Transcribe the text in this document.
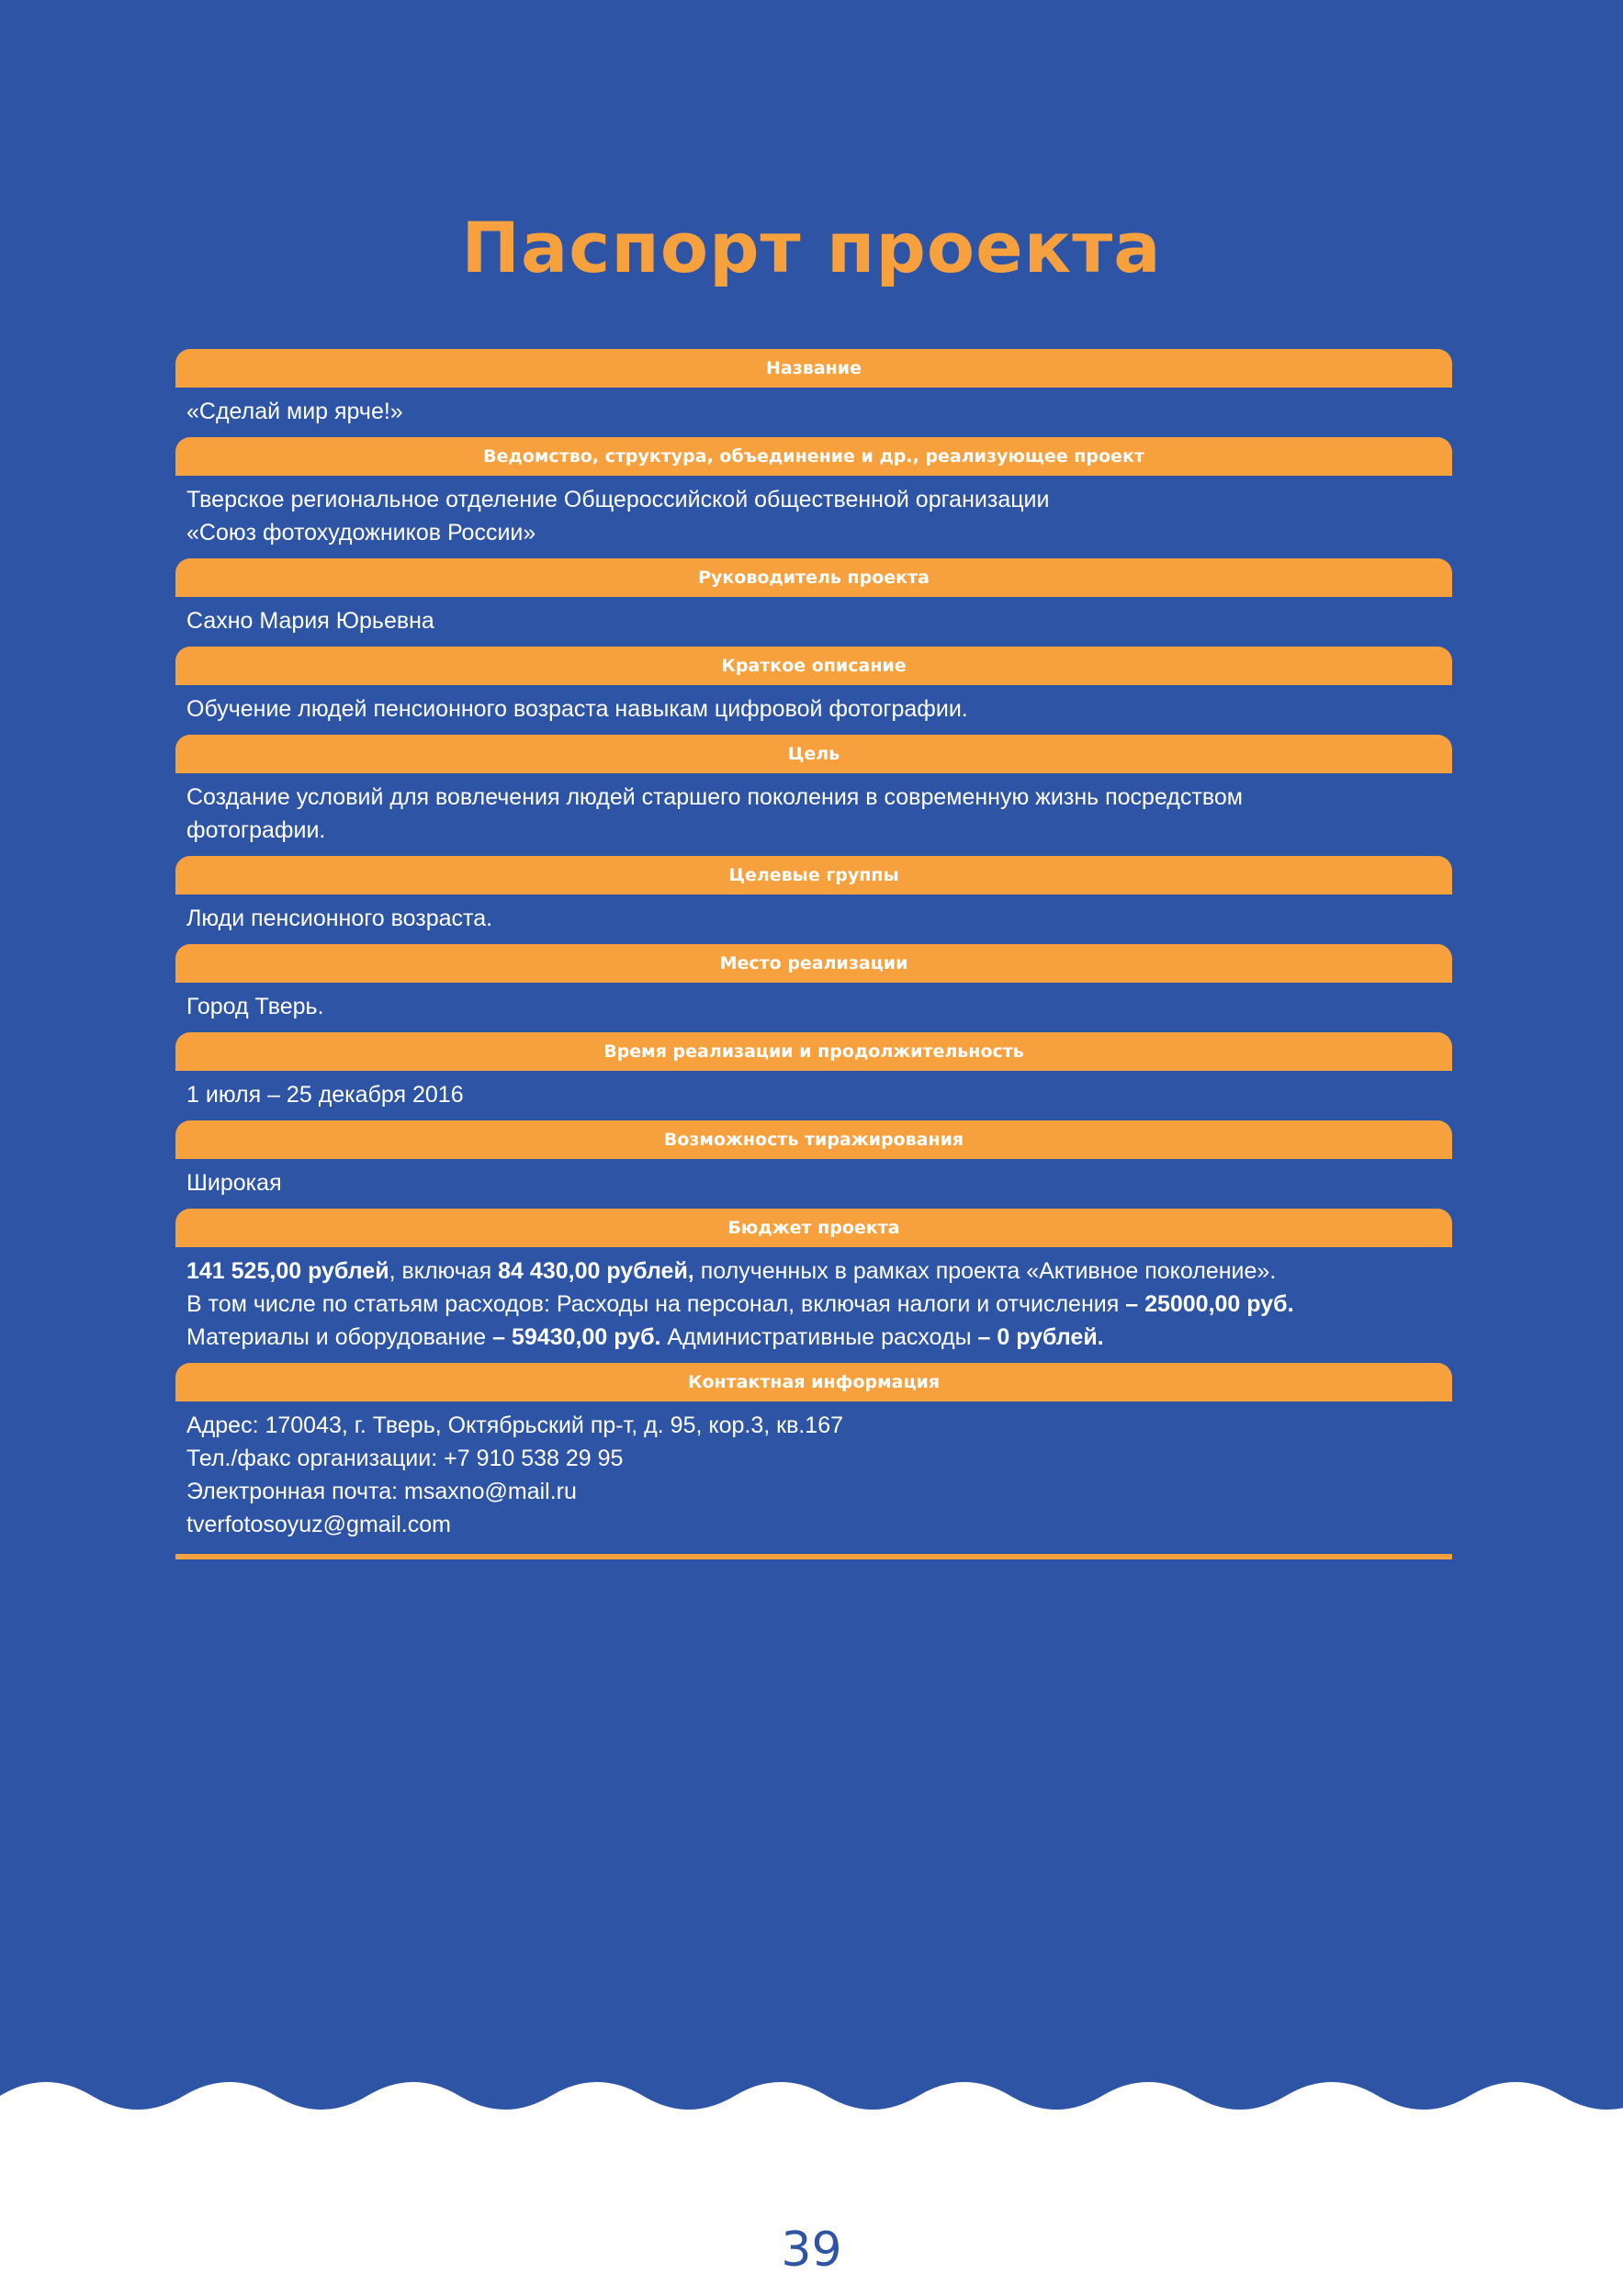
Паспорт проекта
Название
«Сделай мир ярче!»
Ведомство, структура, объединение и др., реализующее проект
Тверское региональное отделение Общероссийской общественной организации
«Союз фотохудожников России»
Руководитель проекта
Сахно Мария Юрьевна
Краткое описание
Обучение людей пенсионного возраста навыкам цифровой фотографии.
Цель
Создание условий для вовлечения людей старшего поколения в современную жизнь посредством
фотографии.
Целевые группы
Люди пенсионного возраста.
Место реализации
Город Тверь.
Время реализации и продолжительность
1 июля – 25 декабря 2016
Возможность тиражирования
Широкая
Бюджет проекта
141 525,00 рублей, включая 84 430,00 рублей, полученных в рамках проекта «Активное поколение».
В том числе по статьям расходов: Расходы на персонал, включая налоги и отчисления – 25000,00 руб.
Материалы и оборудование – 59430,00 руб. Административные расходы – 0 рублей.
Контактная информация
Адрес: 170043, г. Тверь, Октябрьский пр-т, д. 95, кор.3, кв.167
Тел./факс организации: +7 910 538 29 95
Электронная почта: msaxno@mail.ru
tverfotosoyuz@gmail.com
39
